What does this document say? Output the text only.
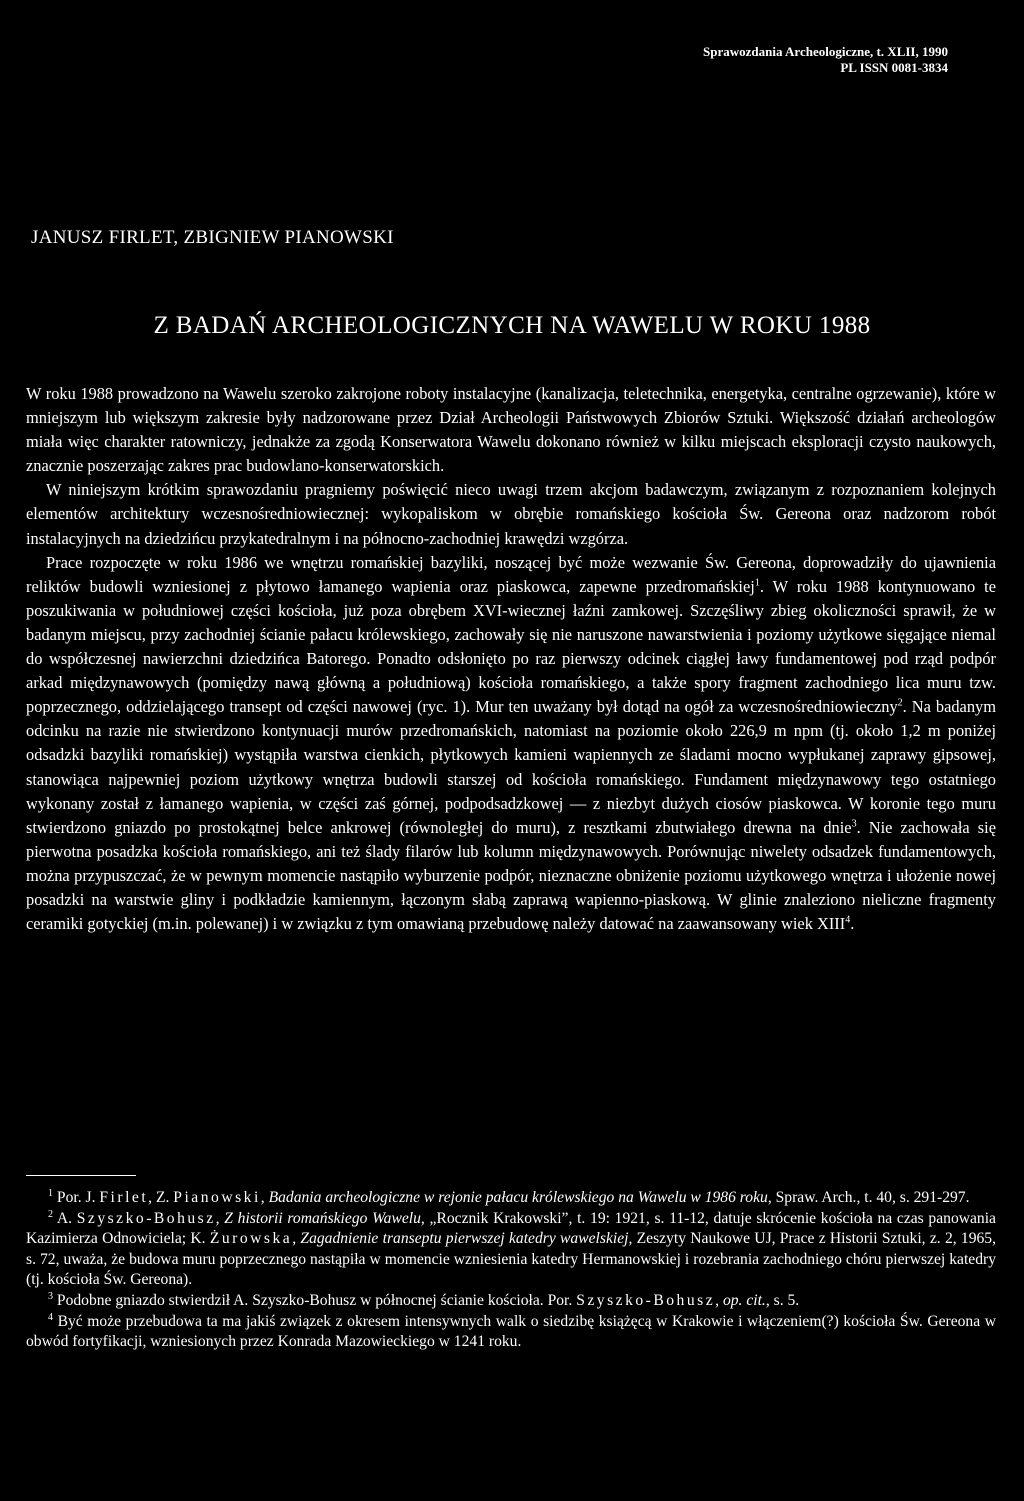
Sprawozdania Archeologiczne, t. XLII, 1990
PL ISSN 0081-3834
JANUSZ FIRLET, ZBIGNIEW PIANOWSKI
Z BADAŃ ARCHEOLOGICZNYCH NA WAWELU W ROKU 1988

W roku 1988 prowadzono na Wawelu szeroko zakrojone roboty instalacyjne (kanalizacja, teletechnika, energetyka, centralne ogrzewanie), które w mniejszym lub większym zakresie były nadzorowane przez Dział Archeologii Państwowych Zbiorów Sztuki. Większość działań archeologów miała więc charakter ratowniczy, jednakże za zgodą Konserwatora Wawelu dokonano również w kilku miejscach eksploracji czysto naukowych, znacznie poszerzając zakres prac budowlano-konserwatorskich.

W niniejszym krótkim sprawozdaniu pragniemy poświęcić nieco uwagi trzem akcjom badawczym, związanym z rozpoznaniem kolejnych elementów architektury wczesnośredniowiecznej: wykopaliskom w obrębie romańskiego kościoła Św. Gereona oraz nadzorom robót instalacyjnych na dziedzińcu przykatedralnym i na północno-zachodniej krawędzi wzgórza.

Prace rozpoczęte w roku 1986 we wnętrzu romańskiej bazyliki, noszącej być może wezwanie Św. Gereona, doprowadziły do ujawnienia reliktów budowli wzniesionej z płytowo łamanego wapienia oraz piaskowca, zapewne przedromańskiej$^1$. W roku 1988 kontynuowano te poszukiwania w południowej części kościoła, już poza obrębem XVI-wiecznej łaźni zamkowej. Szczęśliwy zbieg okoliczności sprawił, że w badanym miejscu, przy zachodniej ścianie pałacu królewskiego, zachowały się nie naruszone nawarstwienia i poziomy użytkowe sięgające niemal do współczesnej nawierzchni dziedzińca Batorego. Ponadto odsłonięto po raz pierwszy odcinek ciągłej ławy fundamentowej pod rząd podpór arkad międzynawowych (pomiędzy nawą główną a południową) kościoła romańskiego, a także spory fragment zachodniego lica muru tzw. poprzecznego, oddzielającego transept od części nawowej (ryc. 1). Mur ten uważany był dotąd na ogół za wczesnośredniowieczny$^2$. Na badanym odcinku na razie nie stwierdzono kontynuacji murów przedromańskich, natomiast na poziomie około 226,9 m npm (tj. około 1,2 m poniżej odsadzki bazyliki romańskiej) wystąpiła warstwa cienkich, płytkowych kamieni wapiennych ze śladami mocno wypłukanej zaprawy gipsowej, stanowiąca najpewniej poziom użytkowy wnętrza budowli starszej od kościoła romańskiego. Fundament międzynawowy tego ostatniego wykonany został z łamanego wapienia, w części zaś górnej, podpodsadzkowej — z niezbyt dużych ciosów piaskowca. W koronie tego muru stwierdzono gniazdo po prostokątnej belce ankrowej (równoległej do muru), z resztkami zbutwiałego drewna na dnie$^3$. Nie zachowała się pierwotna posadzka kościoła romańskiego, ani też ślady filarów lub kolumn międzynawowych. Porównując niwelety odsadzek fundamentowych, można przypuszczać, że w pewnym momencie nastąpiło wyburzenie podpór, nieznaczne obniżenie poziomu użytkowego wnętrza i ułożenie nowej posadzki na warstwie gliny i podkładzie kamiennym, łączonym słabą zaprawą wapienno-piaskową. W glinie znaleziono nieliczne fragmenty ceramiki gotyckiej (m.in. polewanej) i w związku z tym omawianą przebudowę należy datować na zaawansowany wiek XIII$^4$.

$^1$ Por. J. Firlet, Z. Pianowski, Badania archeologiczne w rejonie pałacu królewskiego na Wawelu w 1986 roku, Spraw. Arch., t. 40, s. 291-297.

$^2$ A. Szyszko-Bohusz, Z historii romańskiego Wawelu, „Rocznik Krakowski”, t. 19: 1921, s. 11-12, datuje skrócenie kościoła na czas panowania Kazimierza Odnowiciela; K. Żurowska, Zagadnienie transeptu pierwszej katedry wawelskiej, Zeszyty Naukowe UJ, Prace z Historii Sztuki, z. 2, 1965, s. 72, uważa, że budowa muru poprzecznego nastąpiła w momencie wzniesienia katedry Hermanowskiej i rozebrania zachodniego chóru pierwszej katedry (tj. kościoła Św. Gereona).

$^3$ Podobne gniazdo stwierdził A. Szyszko-Bohusz w północnej ścianie kościoła. Por. Szyszko-Bohusz, op. cit., s. 5.

$^4$ Być może przebudowa ta ma jakiś związek z okresem intensywnych walk o siedzibę książęcą w Krakowie i włączeniem(?) kościoła Św. Gereona w obwód fortyfikacji, wzniesionych przez Konrada Mazowieckiego w 1241 roku.
